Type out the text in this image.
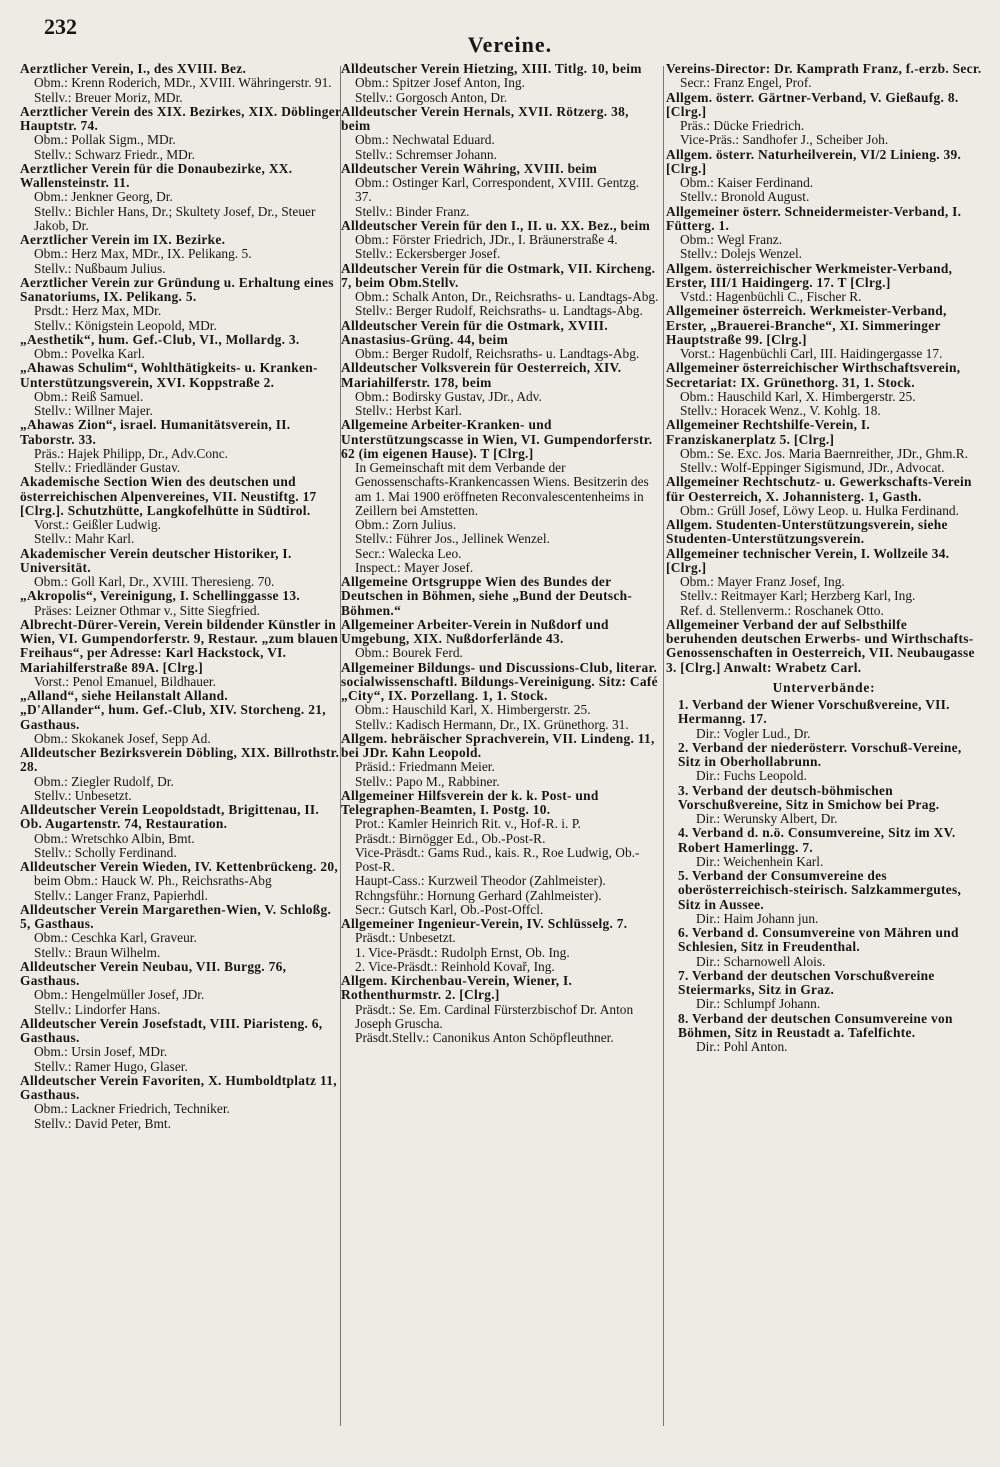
232
Vereine.
Aerztlicher Verein, I., des XVIII. Bez.
Obm.: Krenn Roderich, MDr., XVIII. Währingerstr. 91.
Stellv.: Breuer Moriz, MDr.
Aerztlicher Verein des XIX. Bezirkes, XIX. Döblinger Hauptstr. 74.
Obm.: Pollak Sigm., MDr.
Stellv.: Schwarz Friedr., MDr.
Aerztlicher Verein für die Donaubezirke, XX. Wallensteinstr. 11.
Obm.: Jenkner Georg, Dr.
Stellv.: Bichler Hans, Dr.; Skultety Josef, Dr., Steuer Jakob, Dr.
Aerztlicher Verein im IX. Bezirke.
Obm.: Herz Max, MDr., IX. Pelikang. 5.
Stellv.: Nußbaum Julius.
Aerztlicher Verein zur Gründung u. Erhaltung eines Sanatoriums, IX. Pelikang. 5.
Prsdt.: Herz Max, MDr.
Stellv.: Königstein Leopold, MDr.
„Aesthetik“, hum. Gef.-Club, VI., Mollardg. 3.
Obm.: Povelka Karl.
„Ahawas Schulim“, Wohlthätigkeits- u. Kranken-Unterstützungsverein, XVI. Koppstraße 2.
Obm.: Reiß Samuel.
Stellv.: Willner Majer.
„Ahawas Zion“, israel. Humanitätsverein, II. Taborstr. 33.
Präs.: Hajek Philipp, Dr., Adv.Conc.
Stellv.: Friedländer Gustav.
Akademische Section Wien des deutschen und österreichischen Alpenvereines, VII. Neustiftg. 17 [Clrg.]. Schutzhütte, Langkofelhütte in Südtirol.
Vorst.: Geißler Ludwig.
Stellv.: Mahr Karl.
Akademischer Verein deutscher Historiker, I. Universität.
Obm.: Goll Karl, Dr., XVIII. Theresieng. 70.
„Akropolis“, Vereinigung, I. Schellinggasse 13.
Präses: Leizner Othmar v., Sitte Siegfried.
Albrecht-Dürer-Verein, Verein bildender Künstler in Wien, VI. Gumpendorferstr. 9, Restaur. „zum blauen Freihaus“, per Adresse: Karl Hackstock, VI. Mariahilferstraße 89A. [Clrg.]
Vorst.: Penol Emanuel, Bildhauer.
„Alland“, siehe Heilanstalt Alland.
„D'Allander“, hum. Gef.-Club, XIV. Storcheng. 21, Gasthaus.
Obm.: Skokanek Josef, Sepp Ad.
Alldeutscher Bezirksverein Döbling, XIX. Billrothstr. 28.
Obm.: Ziegler Rudolf, Dr.
Stellv.: Unbesetzt.
Alldeutscher Verein Leopoldstadt, Brigittenau, II. Ob. Augartenstr. 74, Restauration.
Obm.: Wretschko Albin, Bmt.
Stellv.: Scholly Ferdinand.
Alldeutscher Verein Wieden, IV. Kettenbrückeng. 20,
beim Obm.: Hauck W. Ph., Reichsraths-Abg
Stellv.: Langer Franz, Papierhdl.
Alldeutscher Verein Margarethen-Wien, V. Schloßg. 5, Gasthaus.
Obm.: Ceschka Karl, Graveur.
Stellv.: Braun Wilhelm.
Alldeutscher Verein Neubau, VII. Burgg. 76, Gasthaus.
Obm.: Hengelmüller Josef, JDr.
Stellv.: Lindorfer Hans.
Alldeutscher Verein Josefstadt, VIII. Piaristeng. 6, Gasthaus.
Obm.: Ursin Josef, MDr.
Stellv.: Ramer Hugo, Glaser.
Alldeutscher Verein Favoriten, X. Humboldtplatz 11, Gasthaus.
Obm.: Lackner Friedrich, Techniker.
Stellv.: David Peter, Bmt.
Alldeutscher Verein Hietzing, XIII. Titlg. 10, beim
Obm.: Spitzer Josef Anton, Ing.
Stellv.: Gorgosch Anton, Dr.
Alldeutscher Verein Hernals, XVII. Rötzerg. 38, beim
Obm.: Nechwatal Eduard.
Stellv.: Schremser Johann.
Alldeutscher Verein Währing, XVIII. beim
Obm.: Ostinger Karl, Correspondent, XVIII. Gentzg. 37.
Stellv.: Binder Franz.
Alldeutscher Verein für den I., II. u. XX. Bez., beim
Obm.: Förster Friedrich, JDr., I. Bräunerstraße 4.
Stellv.: Eckersberger Josef.
Alldeutscher Verein für die Ostmark, VII. Kircheng. 7, beim Obm.Stellv.
Obm.: Schalk Anton, Dr., Reichsraths- u. Landtags-Abg.
Stellv.: Berger Rudolf, Reichsraths- u. Landtags-Abg.
Alldeutscher Verein für die Ostmark, XVIII. Anastasius-Grüng. 44, beim
Obm.: Berger Rudolf, Reichsraths- u. Landtags-Abg.
Alldeutscher Volksverein für Oesterreich, XIV. Mariahilferstr. 178, beim
Obm.: Bodirsky Gustav, JDr., Adv.
Stellv.: Herbst Karl.
Allgemeine Arbeiter-Kranken- und Unterstützungscasse in Wien, VI. Gumpendorferstr. 62 (im eigenen Hause). T [Clrg.]
In Gemeinschaft mit dem Verbande der Genossenschafts-Krankencassen Wiens. Besitzerin des am 1. Mai 1900 eröffneten Reconvalescentenheims in Zeillern bei Amstetten.
Obm.: Zorn Julius.
Stellv.: Führer Jos., Jellinek Wenzel.
Secr.: Walecka Leo.
Inspect.: Mayer Josef.
Allgemeine Ortsgruppe Wien des Bundes der Deutschen in Böhmen, siehe „Bund der Deutsch-Böhmen.“
Allgemeiner Arbeiter-Verein in Nußdorf und Umgebung, XIX. Nußdorferlände 43.
Obm.: Bourek Ferd.
Allgemeiner Bildungs- und Discussions-Club, literar. socialwissenschaftl. Bildungs-Vereinigung. Sitz: Café „City“, IX. Porzellang. 1, 1. Stock.
Obm.: Hauschild Karl, X. Himbergerstr. 25.
Stellv.: Kadisch Hermann, Dr., IX. Grünethorg. 31.
Allgem. hebräischer Sprachverein, VII. Lindeng. 11, bei JDr. Kahn Leopold.
Präsid.: Friedmann Meier.
Stellv.: Papo M., Rabbiner.
Allgemeiner Hilfsverein der k. k. Post- und Telegraphen-Beamten, I. Postg. 10.
Prot.: Kamler Heinrich Rit. v., Hof-R. i. P.
Präsdt.: Birnögger Ed., Ob.-Post-R.
Vice-Präsdt.: Gams Rud., kais. R., Roe Ludwig, Ob.-Post-R.
Haupt-Cass.: Kurzweil Theodor (Zahlmeister).
Rchngsführ.: Hornung Gerhard (Zahlmeister).
Secr.: Gutsch Karl, Ob.-Post-Offcl.
Allgemeiner Ingenieur-Verein, IV. Schlüsselg. 7.
Präsdt.: Unbesetzt.
1. Vice-Präsdt.: Rudolph Ernst, Ob. Ing.
2. Vice-Präsdt.: Reinhold Kovař, Ing.
Allgem. Kirchenbau-Verein, Wiener, I. Rothenthurmstr. 2. [Clrg.]
Präsdt.: Se. Em. Cardinal Fürsterzbischof Dr. Anton Joseph Gruscha.
Präsdt.Stellv.: Canonikus Anton Schöpfleuthner.
Vereins-Director: Dr. Kamprath Franz, f.-erzb. Secr.
Secr.: Franz Engel, Prof.
Allgem. österr. Gärtner-Verband, V. Gießaufg. 8. [Clrg.]
Präs.: Dücke Friedrich.
Vice-Präs.: Sandhofer J., Scheiber Joh.
Allgem. österr. Naturheilverein, VI/2 Linieng. 39. [Clrg.]
Obm.: Kaiser Ferdinand.
Stellv.: Bronold August.
Allgemeiner österr. Schneidermeister-Verband, I. Fütterg. 1.
Obm.: Wegl Franz.
Stellv.: Dolejs Wenzel.
Allgem. österreichischer Werkmeister-Verband, Erster, III/1 Haidingerg. 17. T [Clrg.]
Vstd.: Hagenbüchli C., Fischer R.
Allgemeiner österreich. Werkmeister-Verband, Erster, „Brauerei-Branche“, XI. Simmeringer Hauptstraße 99. [Clrg.]
Vorst.: Hagenbüchli Carl, III. Haidingergasse 17.
Allgemeiner österreichischer Wirthschaftsverein, Secretariat: IX. Grünethorg. 31, 1. Stock.
Obm.: Hauschild Karl, X. Himbergerstr. 25.
Stellv.: Horacek Wenz., V. Kohlg. 18.
Allgemeiner Rechtshilfe-Verein, I. Franziskanerplatz 5. [Clrg.]
Obm.: Se. Exc. Jos. Maria Baernreither, JDr., Ghm.R.
Stellv.: Wolf-Eppinger Sigismund, JDr., Advocat.
Allgemeiner Rechtschutz- u. Gewerkschafts-Verein für Oesterreich, X. Johannisterg. 1, Gasth.
Obm.: Grüll Josef, Löwy Leop. u. Hulka Ferdinand.
Allgem. Studenten-Unterstützungsverein, siehe Studenten-Unterstützungsverein.
Allgemeiner technischer Verein, I. Wollzeile 34. [Clrg.]
Obm.: Mayer Franz Josef, Ing.
Stellv.: Reitmayer Karl; Herzberg Karl, Ing.
Ref. d. Stellenverm.: Roschanek Otto.
Allgemeiner Verband der auf Selbsthilfe beruhenden deutschen Erwerbs- und Wirthschafts-Genossenschaften in Oesterreich, VII. Neubaugasse 3. [Clrg.] Anwalt: Wrabetz Carl.
Unterverbände:
1. Verband der Wiener Vorschußvereine, VII. Hermanng. 17.
Dir.: Vogler Lud., Dr.
2. Verband der niederösterr. Vorschuß-Vereine, Sitz in Oberhollabrunn.
Dir.: Fuchs Leopold.
3. Verband der deutsch-böhmischen Vorschußvereine, Sitz in Smichow bei Prag.
Dir.: Werunsky Albert, Dr.
4. Verband d. n.ö. Consumvereine, Sitz im XV. Robert Hamerlingg. 7.
Dir.: Weichenhein Karl.
5. Verband der Consumvereine des oberösterreichisch-steirisch. Salzkammergutes, Sitz in Aussee.
Dir.: Haim Johann jun.
6. Verband d. Consumvereine von Mähren und Schlesien, Sitz in Freudenthal.
Dir.: Scharnowell Alois.
7. Verband der deutschen Vorschußvereine Steiermarks, Sitz in Graz.
Dir.: Schlumpf Johann.
8. Verband der deutschen Consumvereine von Böhmen, Sitz in Reustadt a. Tafelfichte.
Dir.: Pohl Anton.
